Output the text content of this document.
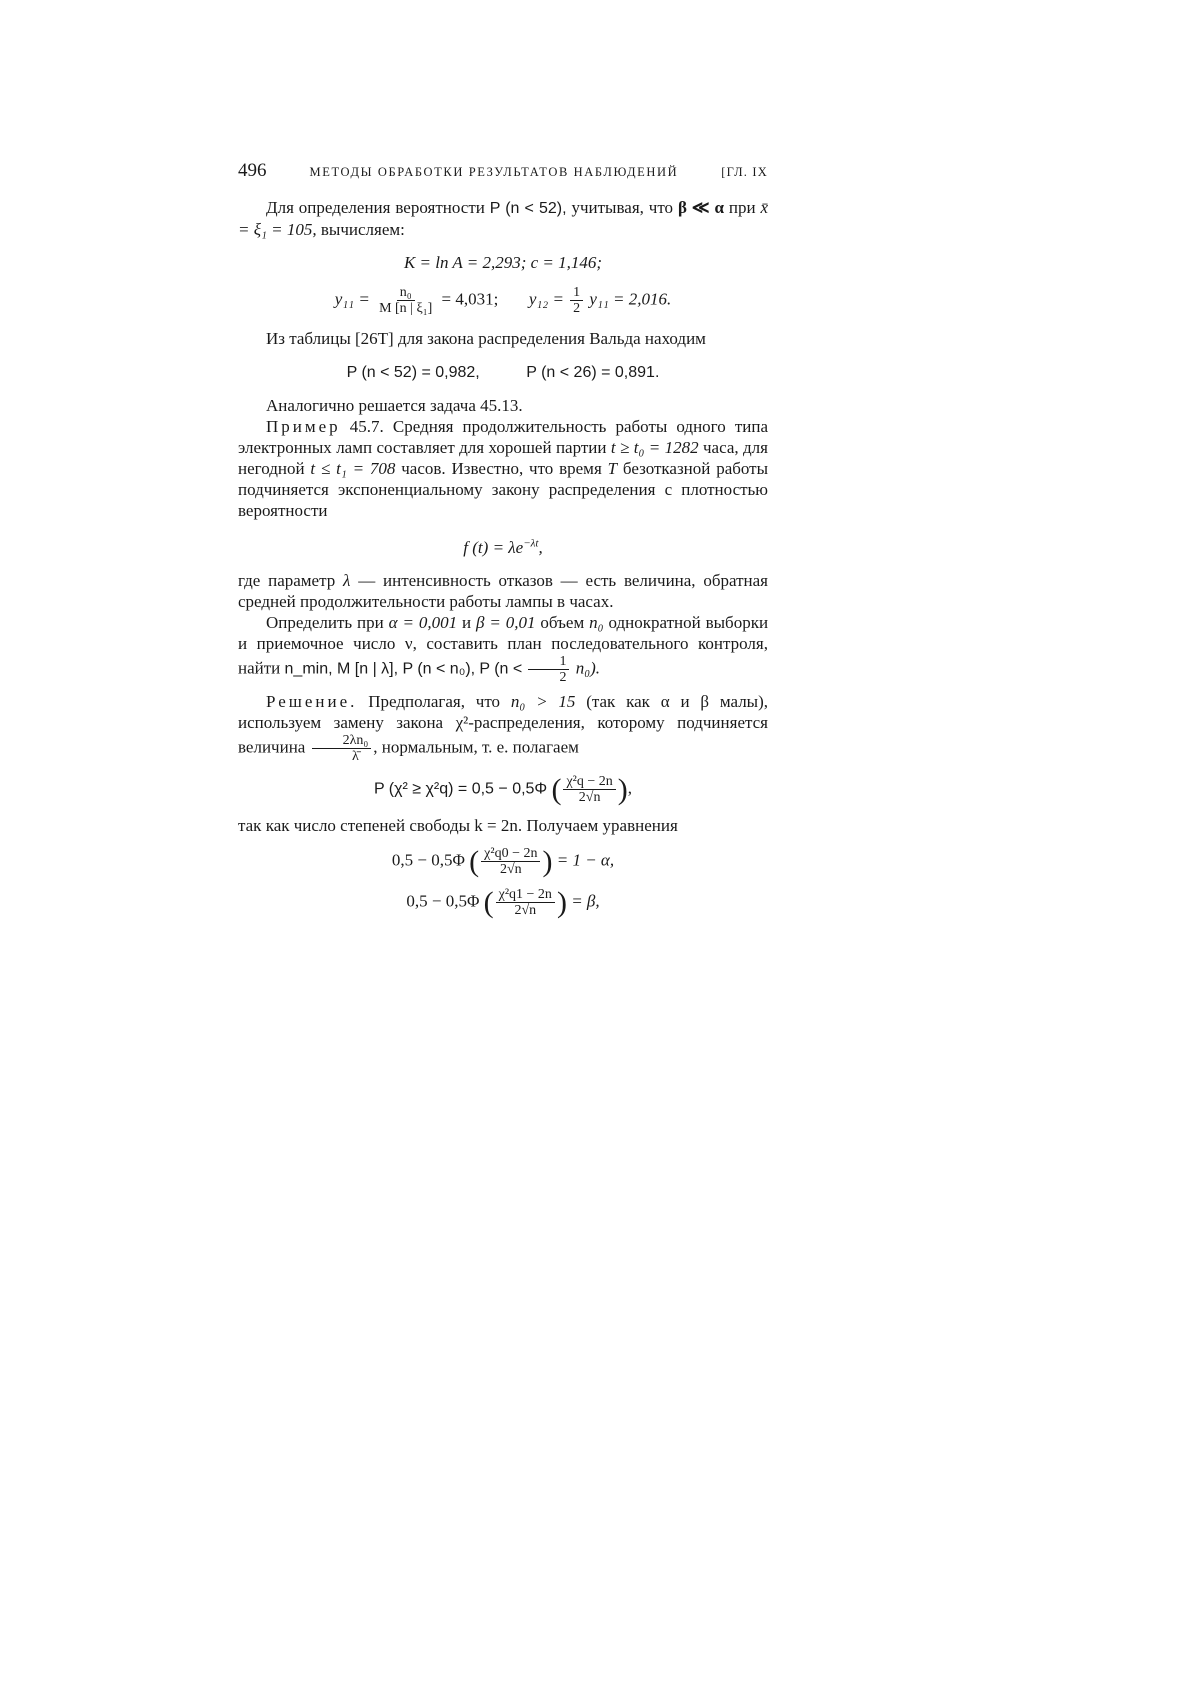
496	МЕТОДЫ ОБРАБОТКИ РЕЗУЛЬТАТОВ НАБЛЮДЕНИЙ	[ГЛ. IX

Для определения вероятности P (n < 52), учитывая, что β ≪ α при x̄ = ξ₁ = 105, вычисляем:

K = ln A = 2,293; c = 1,146;
$y_{11} = \frac{\text{n₀}}{\text{M [n | ξ₁]}} = 4,031$; $y_{12} = \frac{1}{2} y_{11} = 2,016$.

Из таблицы [26Т] для закона распределения Вальда находим

P (n < 52) = 0,982,	P (n < 26) = 0,891.

Аналогично решается задача 45.13.

Пример 45.7. Средняя продолжительность работы одного типа электронных ламп составляет для хорошей партии t ≥ t₀ = 1282 часа, для негодной t ≤ t₁ = 708 часов. Известно, что время T безотказной работы подчиняется экспоненциальному закону распределения с плотностью вероятности

f $(t) = \lambda e^{-\lambda t}$,

где параметр λ — интенсивность отказов — есть величина, обратная средней продолжительности работы лампы в часах.

Определить при α = 0,001 и β = 0,01 объем n₀ однократной выборки и приемочное число ν, составить план последовательного контроля, найти n_min, M [n | λ], P (n < n₀), P $(n < \frac{1}{2} n_0)$.

Решение. Предполагая, что n₀ > 15 (так как α и β малы), используем замену закона χ²-распределения, которому подчиняется величина $\frac{\text{2λn₀}}{\lambdā}$ , нормальным, т. е. полагаем

P (χ² ≥ χ²q) = 0,5 − 0,5Φ ( $\frac{\text{χ²q − 2n}}{2√n}$ ),

так как число степеней свободы k = 2n. Получаем уравнения

0,5 − 0,5Φ ( $\frac{\text{χ²q0 − 2n}}{2√n}$ ) = 1 − α,
0,5 − 0,5Φ ( $\frac{\text{χ²q1 − 2n}}{2√n}$ ) = β,
